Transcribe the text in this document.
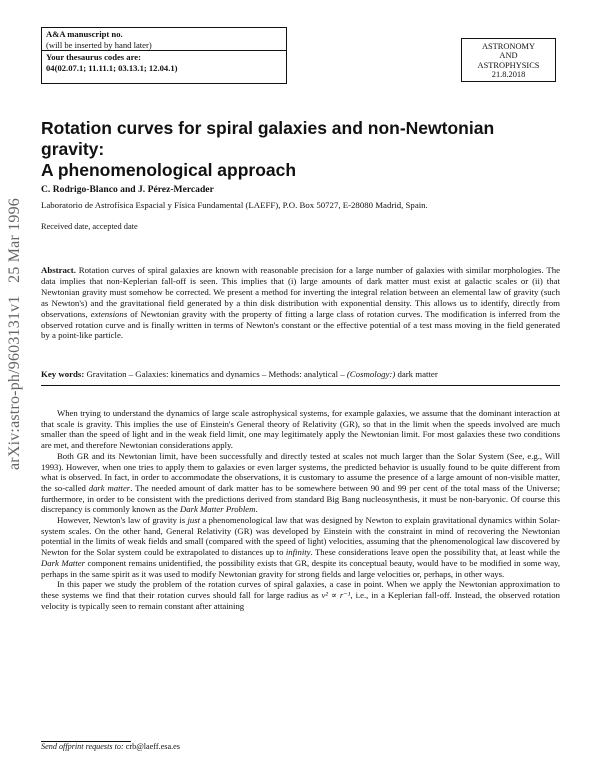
A&A manuscript no.
(will be inserted by hand later)
Your thesaurus codes are:
04(02.07.1; 11.11.1; 03.13.1; 12.04.1)
ASTRONOMY
AND
ASTROPHYSICS
21.8.2018
arXiv:astro-ph/9603131v1   25 Mar 1996
Rotation curves for spiral galaxies and non-Newtonian
gravity:
A phenomenological approach
C. Rodrigo-Blanco and J. Pérez-Mercader
Laboratorio de Astrofísica Espacial y Física Fundamental (LAEFF), P.O. Box 50727, E-28080 Madrid, Spain.
Received date, accepted date
Abstract. Rotation curves of spiral galaxies are known with reasonable precision for a large number of galaxies with similar morphologies. The data implies that non-Keplerian fall-off is seen. This implies that (i) large amounts of dark matter must exist at galactic scales or (ii) that Newtonian gravity must somehow be corrected. We present a method for inverting the integral relation between an elemental law of gravity (such as Newton's) and the gravitational field generated by a thin disk distribution with exponential density. This allows us to identify, directly from observations, extensions of Newtonian gravity with the property of fitting a large class of rotation curves. The modification is inferred from the observed rotation curve and is finally written in terms of Newton's constant or the effective potential of a test mass moving in the field generated by a point-like particle.
Key words: Gravitation – Galaxies: kinematics and dynamics – Methods: analytical – (Cosmology:) dark matter

When trying to understand the dynamics of large scale astrophysical systems, for example galaxies, we assume that the dominant interaction at that scale is gravity. This implies the use of Einstein's General theory of Relativity (GR), so that in the limit when the speeds involved are much smaller than the speed of light and in the weak field limit, one may legitimately apply the Newtonian limit. For most galaxies these two conditions are met, and therefore Newtonian considerations apply.

Both GR and its Newtonian limit, have been successfully and directly tested at scales not much larger than the Solar System (See, e.g., Will 1993). However, when one tries to apply them to galaxies or even larger systems, the predicted behavior is usually found to be quite different from what is observed. In fact, in order to accommodate the observations, it is customary to assume the presence of a large amount of non-visible matter, the so-called dark matter. The needed amount of dark matter has to be somewhere between 90 and 99 per cent of the total mass of the Universe; furthermore, in order to be consistent with the predictions derived from standard Big Bang nucleosynthesis, it must be non-baryonic. Of course this discrepancy is commonly known as the Dark Matter Problem.

However, Newton's law of gravity is just a phenomenological law that was designed by Newton to explain gravitational dynamics within Solar-system scales. On the other hand, General Relativity (GR) was developed by Einstein with the constraint in mind of recovering the Newtonian potential in the limits of weak fields and small (compared with the speed of light) velocities, assuming that the phenomenological law discovered by Newton for the Solar system could be extrapolated to distances up to infinity. These considerations leave open the possibility that, at least while the Dark Matter component remains unidentified, the possibility exists that GR, despite its conceptual beauty, would have to be modified in some way, perhaps in the same spirit as it was used to modify Newtonian gravity for strong fields and large velocities or, perhaps, in other ways.

In this paper we study the problem of the rotation curves of spiral galaxies, a case in point. When we apply the Newtonian approximation to these systems we find that their rotation curves should fall for large radius as v² ∝ r⁻¹, i.e., in a Keplerian fall-off. Instead, the observed rotation velocity is typically seen to remain constant after attaining

Send offprint requests to: crb@laeff.esa.es
